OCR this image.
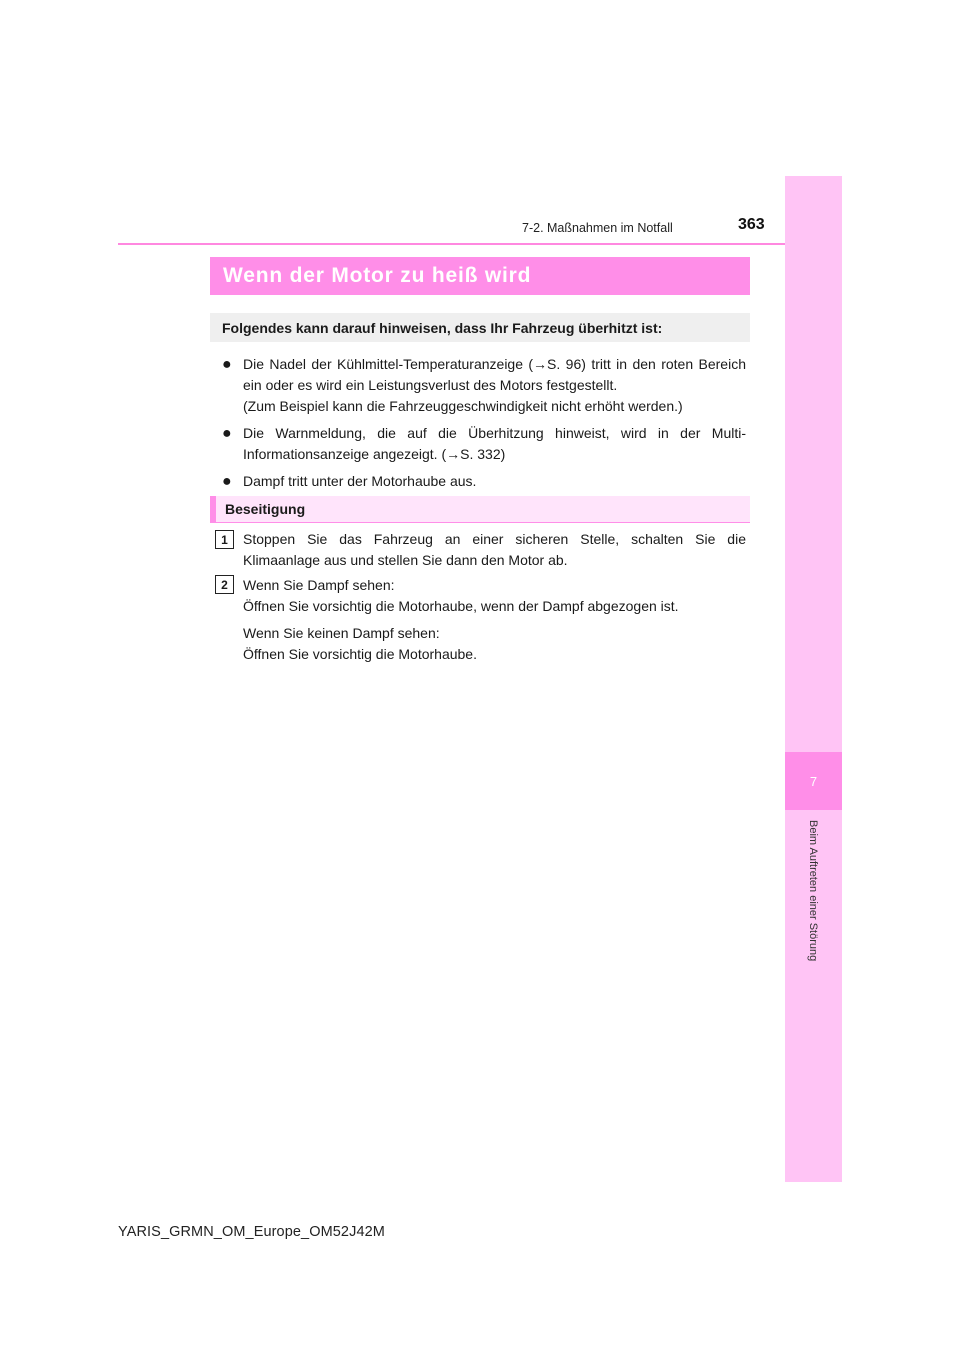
7
Beim Auftreten einer Störung
7-2. Maßnahmen im Notfall	363
Wenn der Motor zu heiß wird
Folgendes kann darauf hinweisen, dass Ihr Fahrzeug überhitzt ist:
● Die Nadel der Kühlmittel-Temperaturanzeige (→S. 96) tritt in den roten Bereich ein oder es wird ein Leistungsverlust des Motors festgestellt.

(Zum Beispiel kann die Fahrzeuggeschwindigkeit nicht erhöht werden.)

● Die Warnmeldung, die auf die Überhitzung hinweist, wird in der Multi-Informationsanzeige angezeigt. (→S. 332)

● Dampf tritt unter der Motorhaube aus.

Beseitigung
1	Stoppen Sie das Fahrzeug an einer sicheren Stelle, schalten Sie die Klimaanlage aus und stellen Sie dann den Motor ab.

2	Wenn Sie Dampf sehen:

Öffnen Sie vorsichtig die Motorhaube, wenn der Dampf abgezogen ist.

Wenn Sie keinen Dampf sehen:

Öffnen Sie vorsichtig die Motorhaube.

YARIS_GRMN_OM_Europe_OM52J42M
